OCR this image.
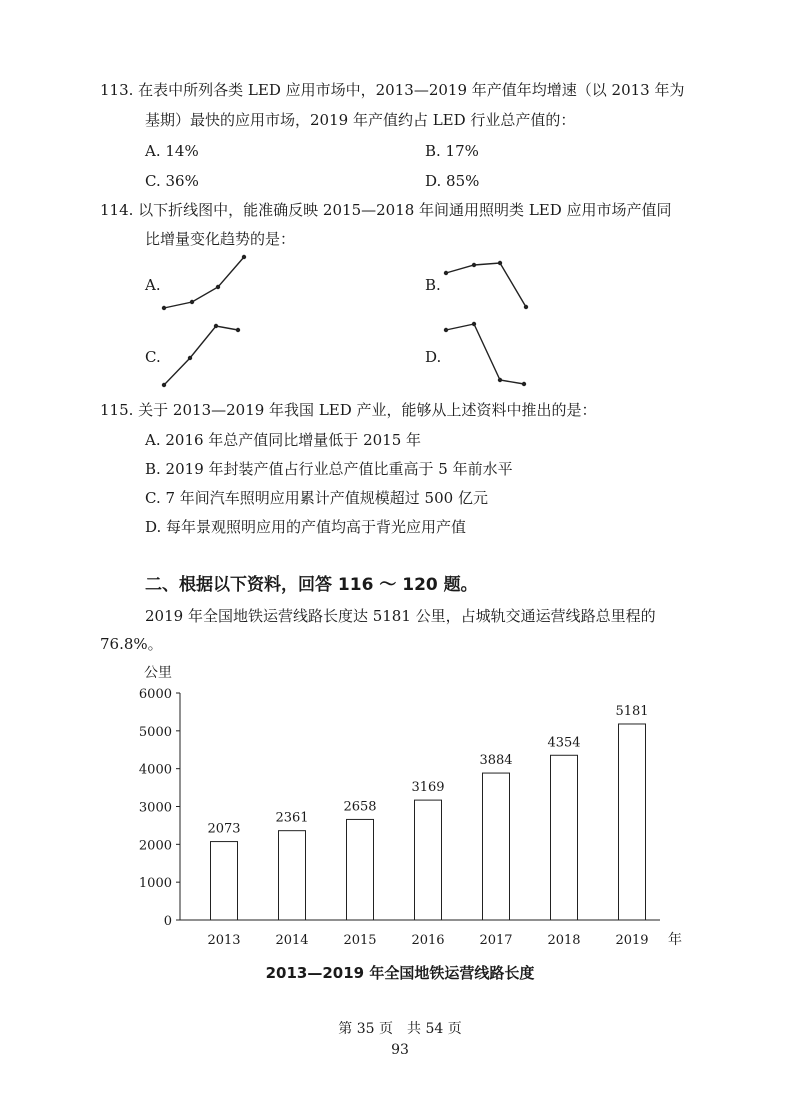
113. 在表中所列各类 LED 应用市场中，2013—2019 年产值年均增速（以 2013 年为
基期）最快的应用市场，2019 年产值约占 LED 行业总产值的：
A. 14%	B. 17%
C. 36%	D. 85%
114. 以下折线图中，能准确反映 2015—2018 年间通用照明类 LED 应用市场产值同
比增量变化趋势的是：
A.	B.
C.	D.
115. 关于 2013—2019 年我国 LED 产业，能够从上述资料中推出的是：
A. 2016 年总产值同比增量低于 2015 年
B. 2019 年封装产值占行业总产值比重高于 5 年前水平
C. 7 年间汽车照明应用累计产值规模超过 500 亿元
D. 每年景观照明应用的产值均高于背光应用产值
二、根据以下资料，回答 116 ～ 120 题。
2019 年全国地铁运营线路长度达 5181 公里，占城轨交通运营线路总里程的
76.8%。
公里
0
1000
2000
3000
4000
5000
6000
2073
2013
2361
2014
2658
2015
3169
2016
3884
2017
4354
2018
5181
2019 年
2013—2019 年全国地铁运营线路长度
第 35 页　共 54 页
93
